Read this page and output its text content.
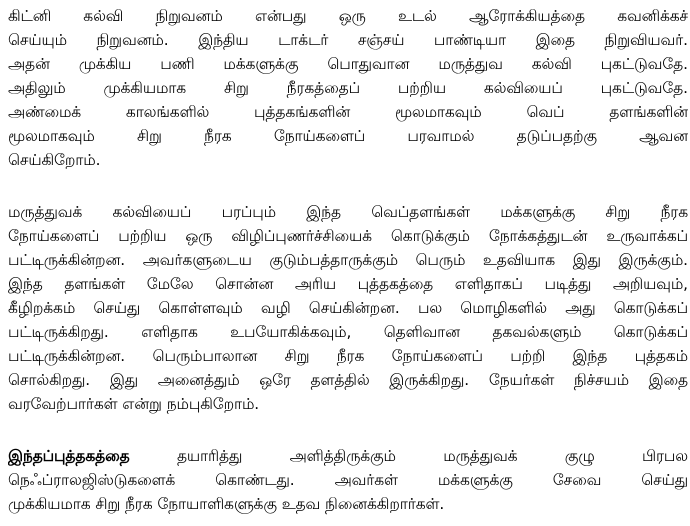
கிட்னி கல்வி நிறுவனம் என்பது ஒரு உடல் ஆரோக்கியத்தை கவனிக்கச்
செய்யும் நிறுவனம். இந்திய டாக்டர் சஞ்சய் பாண்டியா இதை நிறுவியவர்.
அதன் முக்கிய பணி மக்களுக்கு பொதுவான மருத்துவ கல்வி புகட்டுவதே.
அதிலும் முக்கியமாக சிறு நீரகத்தைப் பற்றிய கல்வியைப் புகட்டுவதே.
அண்மைக் காலங்களில் புத்தகங்களின் மூலமாகவும் வெப் தளங்களின்
மூலமாகவும் சிறு நீரக நோய்களைப் பரவாமல் தடுப்பதற்கு ஆவன
செய்கிறோம்.
மருத்துவக் கல்வியைப் பரப்பும் இந்த வெப்தளங்கள் மக்களுக்கு சிறு நீரக
நோய்களைப் பற்றிய ஒரு விழிப்புணர்ச்சியைக் கொடுக்கும் நோக்கத்துடன் உருவாக்கப்
பட்டிருக்கின்றன. அவர்களுடைய குடும்பத்தாருக்கும் பெரும் உதவியாக இது இருக்கும்.
இந்த தளங்கள் மேலே சொன்ன அரிய புத்தகத்தை எளிதாகப் படித்து அறியவும்,
கீழிறக்கம் செய்து கொள்ளவும் வழி செய்கின்றன. பல மொழிகளில் அது கொடுக்கப்
பட்டிருக்கிறது. எளிதாக உபயோகிக்கவும், தெளிவான தகவல்களும் கொடுக்கப்
பட்டிருக்கின்றன. பெரும்பாலான சிறு நீரக நோய்களைப் பற்றி இந்த புத்தகம்
சொல்கிறது. இது அனைத்தும் ஒரே தளத்தில் இருக்கிறது. நேயர்கள் நிச்சயம் இதை
வரவேற்பார்கள் என்று நம்புகிறோம்.
இந்தப்புத்தகத்தை தயாரித்து அளித்திருக்கும் மருத்துவக் குழு பிரபல
நெஃப்ராலஜிஸ்டுகளைக் கொண்டது. அவர்கள் மக்களுக்கு சேவை செய்து
முக்கியமாக சிறு நீரக நோயாளிகளுக்கு உதவ நினைக்கிறார்கள்.
